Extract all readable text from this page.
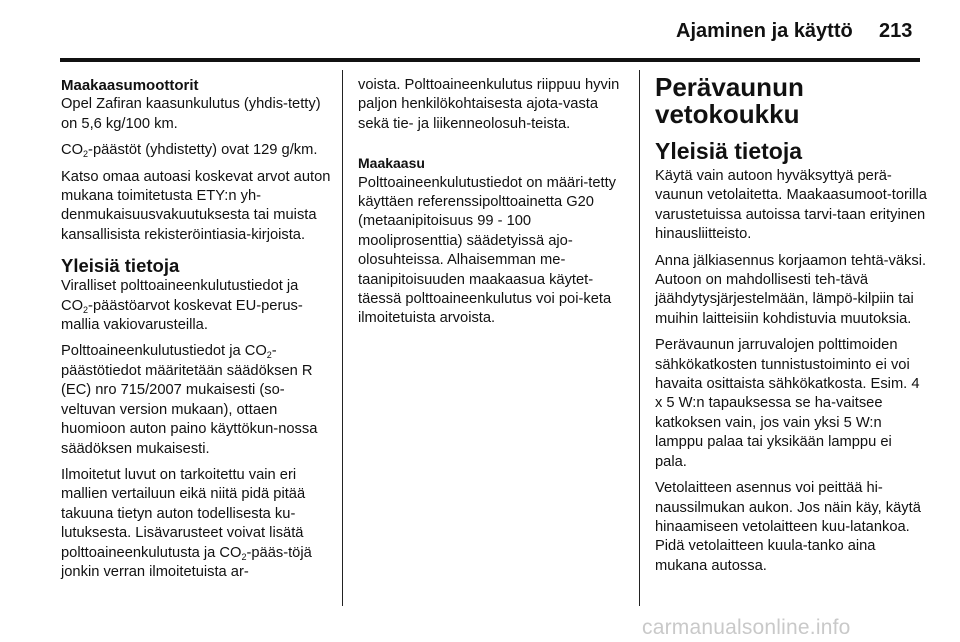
Ajaminen ja käyttö 213
Maakaasumoottorit

Opel Zafiran kaasunkulutus (yhdis-tetty) on 5,6 kg/100 km.

$CO_2$-päästöt (yhdistetty) ovat 129 g/km.

Katso omaa autoasi koskevat arvot auton mukana toimitetusta ETY:n yh-denmukaisuusvakuutuksesta tai muista kansallisista rekisteröintiasia-kirjoista.

Yleisiä tietoja

Viralliset polttoaineenkulutustiedot ja $CO_2$-päästöarvot koskevat EU-perus-mallia vakiovarusteilla.

Polttoaineenkulutustiedot ja $CO_2$-päästötiedot määritetään säädöksen R (EC) nro 715/2007 mukaisesti (so-veltuvan version mukaan), ottaen huomioon auton paino käyttökun-nossa säädöksen mukaisesti.

Ilmoitetut luvut on tarkoitettu vain eri mallien vertailuun eikä niitä pidä pitää takuuna tietyn auton todellisesta ku-lutuksesta. Lisävarusteet voivat lisätä polttoaineenkulutusta ja $CO_2-pääs$-töjä jonkin verran ilmoitetuista ar-

voista. Polttoaineenkulutus riippuu hyvin paljon henkilökohtaisesta ajota-vasta sekä tie- ja liikenneolosuh-teista.

Maakaasu

Polttoaineenkulutustiedot on määri-tetty käyttäen referenssipolttoainetta G20 (metaanipitoisuus 99 - 100 mooliprosenttia) säädetyissä ajo-olosuhteissa. Alhaisemman me-taanipitoisuuden maakaasua käytet-täessä polttoaineenkulutus voi poi-keta ilmoitetuista arvoista.

Perävaunun vetokoukku
Yleisiä tietoja

Käytä vain autoon hyväksyttyä perä-vaunun vetolaitetta. Maakaasumoot-torilla varustetuissa autoissa tarvi-taan erityinen hinausliitteisto.

Anna jälkiasennus korjaamon tehtä-väksi. Autoon on mahdollisesti teh-tävä jäähdytysjärjestelmään, lämpö-kilpiin tai muihin laitteisiin kohdistuvia muutoksia.

Perävaunun jarruvalojen polttimoiden sähkökatkosten tunnistustoiminto ei voi havaita osittaista sähkökatkosta. Esim. 4 x 5 W:n tapauksessa se ha-vaitsee katkoksen vain, jos vain yksi 5 W:n lamppu palaa tai yksikään lamppu ei pala.

Vetolaitteen asennus voi peittää hi-naussilmukan aukon. Jos näin käy, käytä hinaamiseen vetolaitteen kuu-latankoa. Pidä vetolaitteen kuula-tanko aina mukana autossa.

carmanualsonline.info
